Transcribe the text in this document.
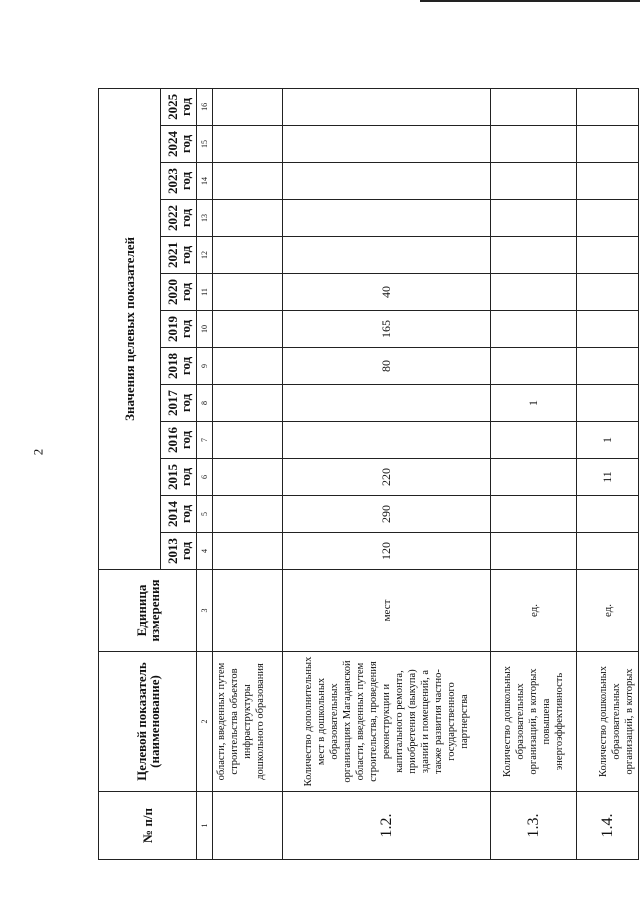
2
№ п/п	Целевой показатель (наименование)	Единица измерения	Значения целевых показателей												
			2013 год	2014 год	2015 год	2016 год	2017 год	2018 год	2019 год	2020 год	2021 год	2022 год	2023 год	2024 год	2025 год
1	2	3	4	5	6	7	8	9	10	11	12	13	14	15	16
	области, введенных путем строительства объектов инфраструктуры дошкольного образования														
1.2.	Количество дополнительных мест в дошкольных образовательных организациях Магаданской области, введенных путем строительства, проведения реконструкции и капитального ремонта, приобретения (выкупа) зданий и помещений, а также развития частно-государственного партнерства	мест	120	290	220			80	165	40					
1.3.	Количество дошкольных образовательных организаций, в которых повышена энергоэффективность	ед.					1								
1.4.	Количество дошкольных образовательных организаций, в которых	ед.			11	1									
